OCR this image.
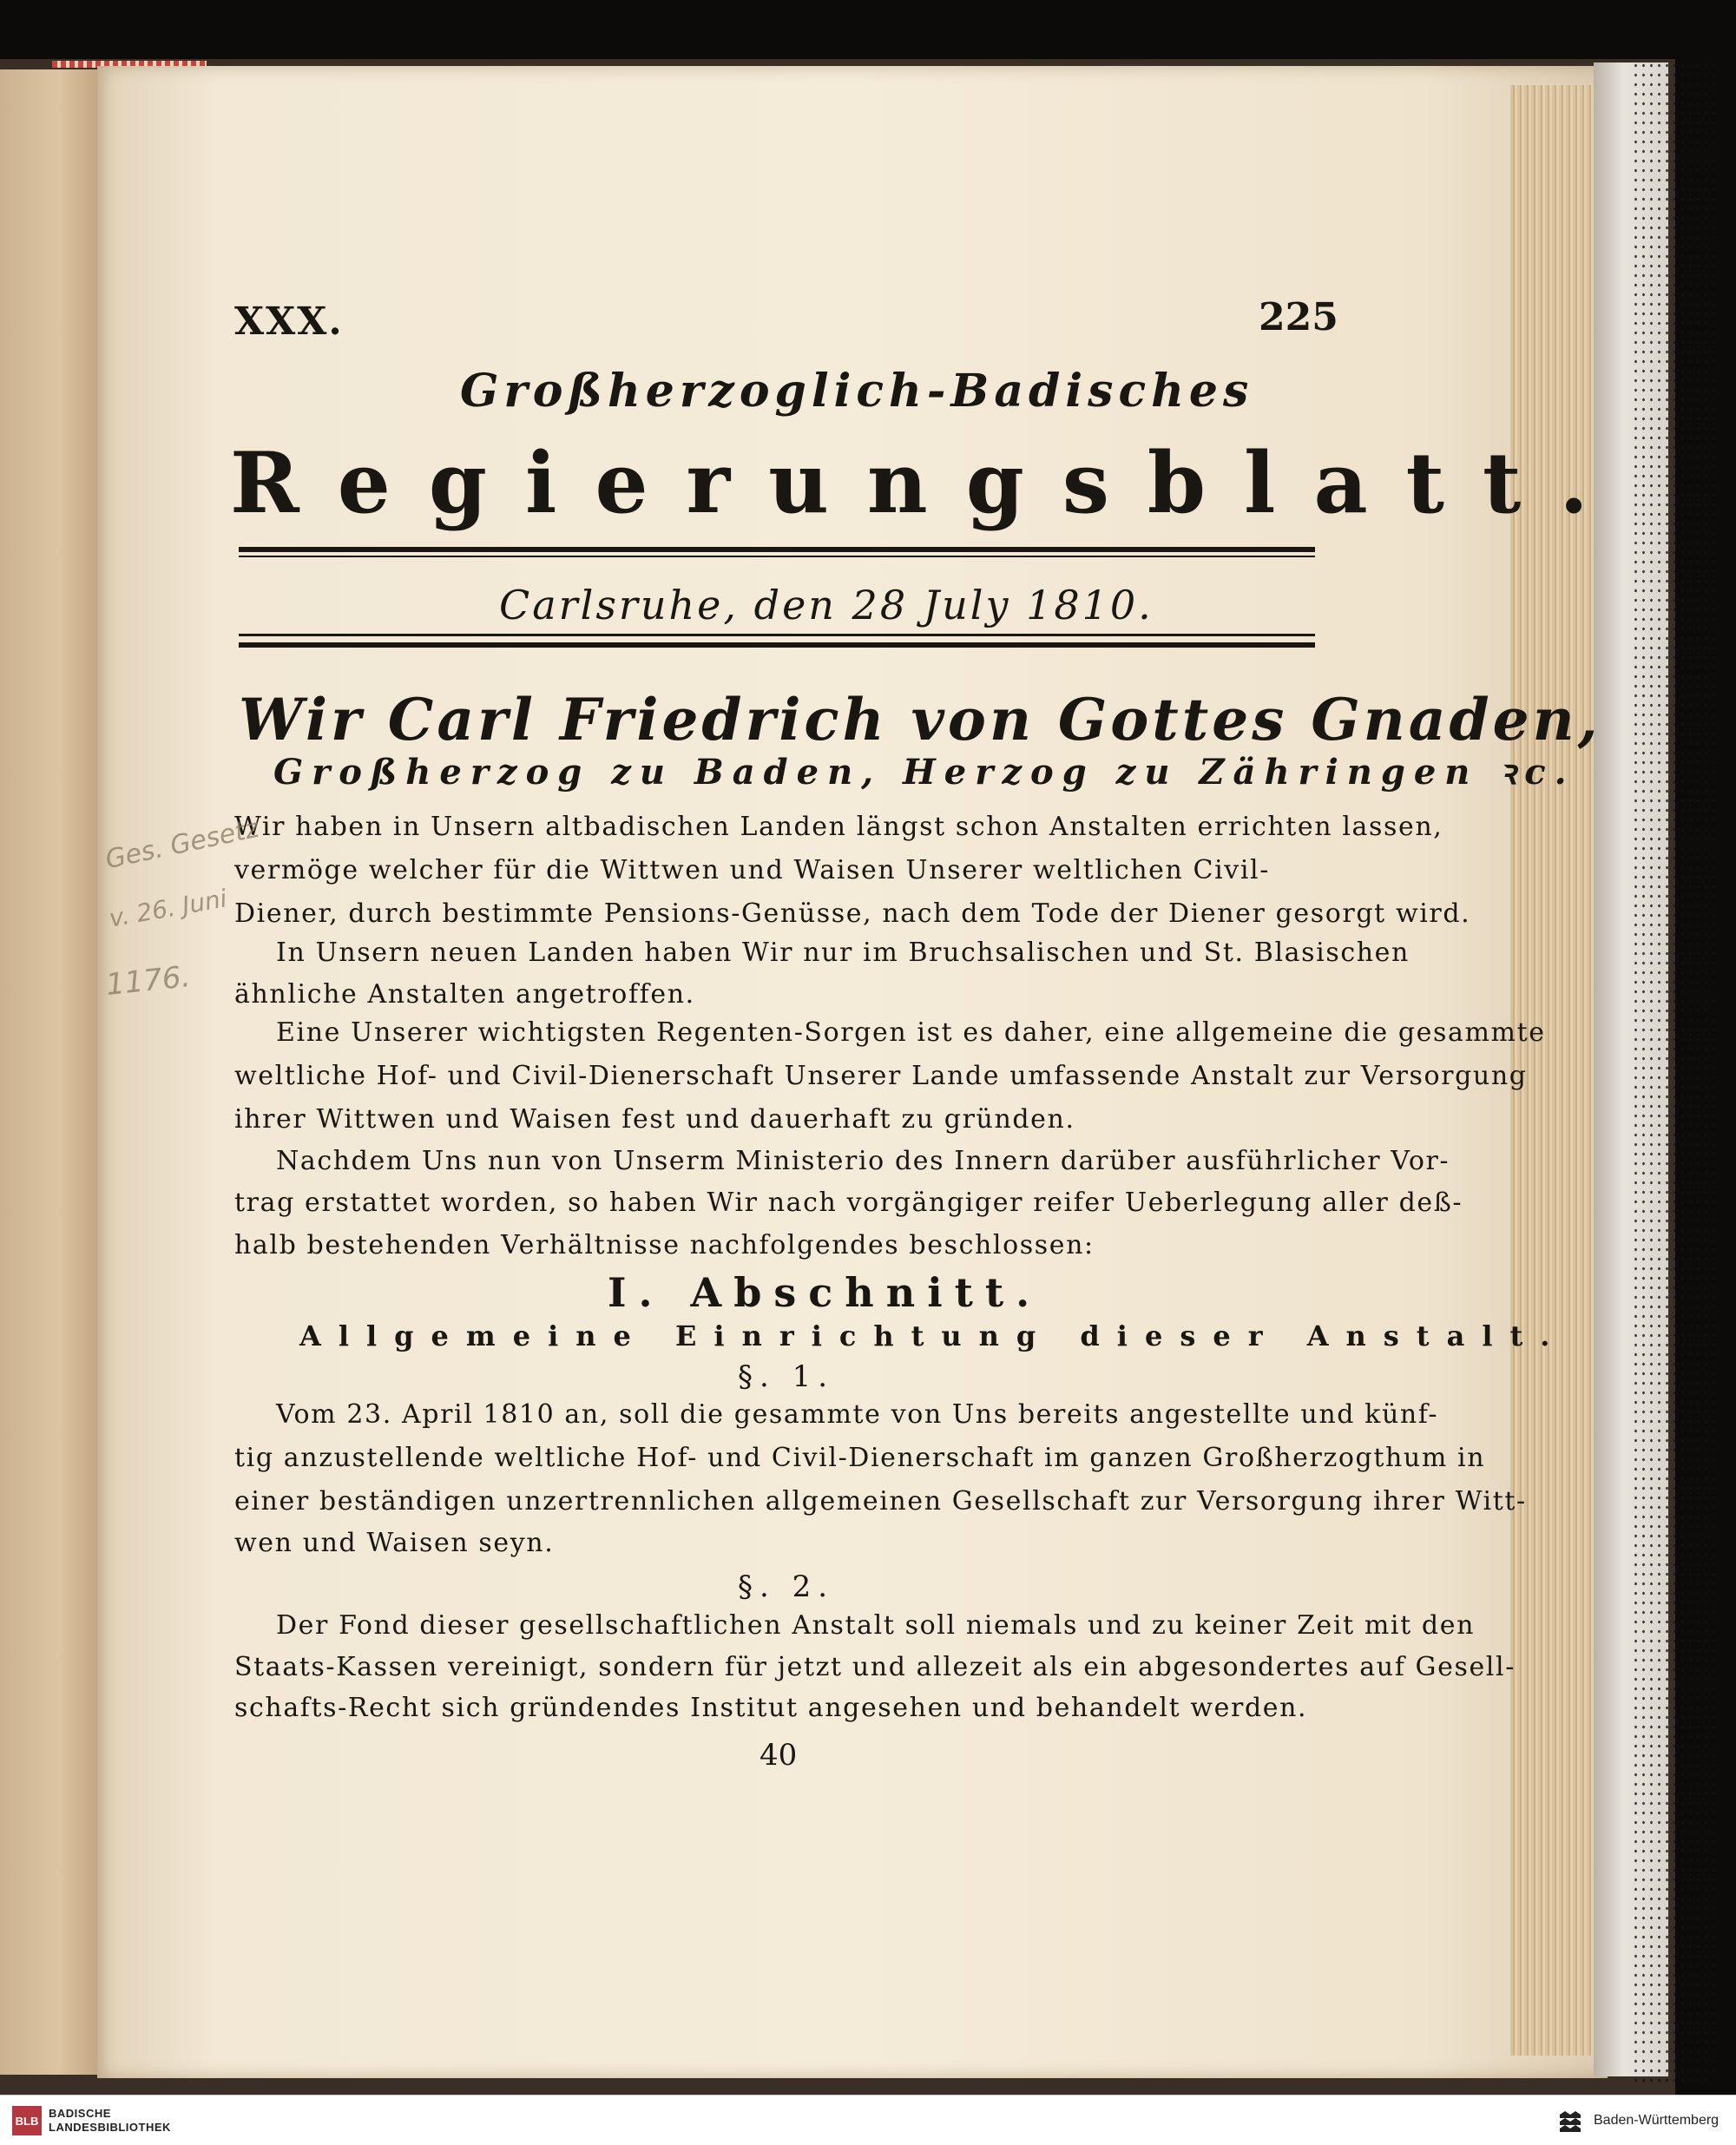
XXX.	225
Großherzoglich-Badisches
Regierungsblatt.
Carlsruhe, den 28 July 1810.
Wir Carl Friedrich von Gottes Gnaden,
Großherzog zu Baden, Herzog zu Zähringen ꝛc.
Wir haben in Unsern altbadischen Landen längst schon Anstalten errichten lassen,
vermöge welcher für die Wittwen und Waisen Unserer weltlichen Civil-
Diener, durch bestimmte Pensions-Genüsse, nach dem Tode der Diener gesorgt wird.
In Unsern neuen Landen haben Wir nur im Bruchsalischen und St. Blasischen
ähnliche Anstalten angetroffen.
Eine Unserer wichtigsten Regenten-Sorgen ist es daher, eine allgemeine die gesammte
weltliche Hof- und Civil-Dienerschaft Unserer Lande umfassende Anstalt zur Versorgung
ihrer Wittwen und Waisen fest und dauerhaft zu gründen.
Nachdem Uns nun von Unserm Ministerio des Innern darüber ausführlicher Vor-
trag erstattet worden, so haben Wir nach vorgängiger reifer Ueberlegung aller deß-
halb bestehenden Verhältnisse nachfolgendes beschlossen:
I. Abschnitt.
Allgemeine Einrichtung dieser Anstalt.
§. 1.
Vom 23. April 1810 an, soll die gesammte von Uns bereits angestellte und künf-
tig anzustellende weltliche Hof- und Civil-Dienerschaft im ganzen Großherzogthum in
einer beständigen unzertrennlichen allgemeinen Gesellschaft zur Versorgung ihrer Witt-
wen und Waisen seyn.
§. 2.
Der Fond dieser gesellschaftlichen Anstalt soll niemals und zu keiner Zeit mit den
Staats-Kassen vereinigt, sondern für jetzt und allezeit als ein abgesondertes auf Gesell-
schafts-Recht sich gründendes Institut angesehen und behandelt werden.
40
Ges. Gesetz
v. 26. Juni
1176.
BLB
BADISCHE
LANDESBIBLIOTHEK	Baden-Württemberg
